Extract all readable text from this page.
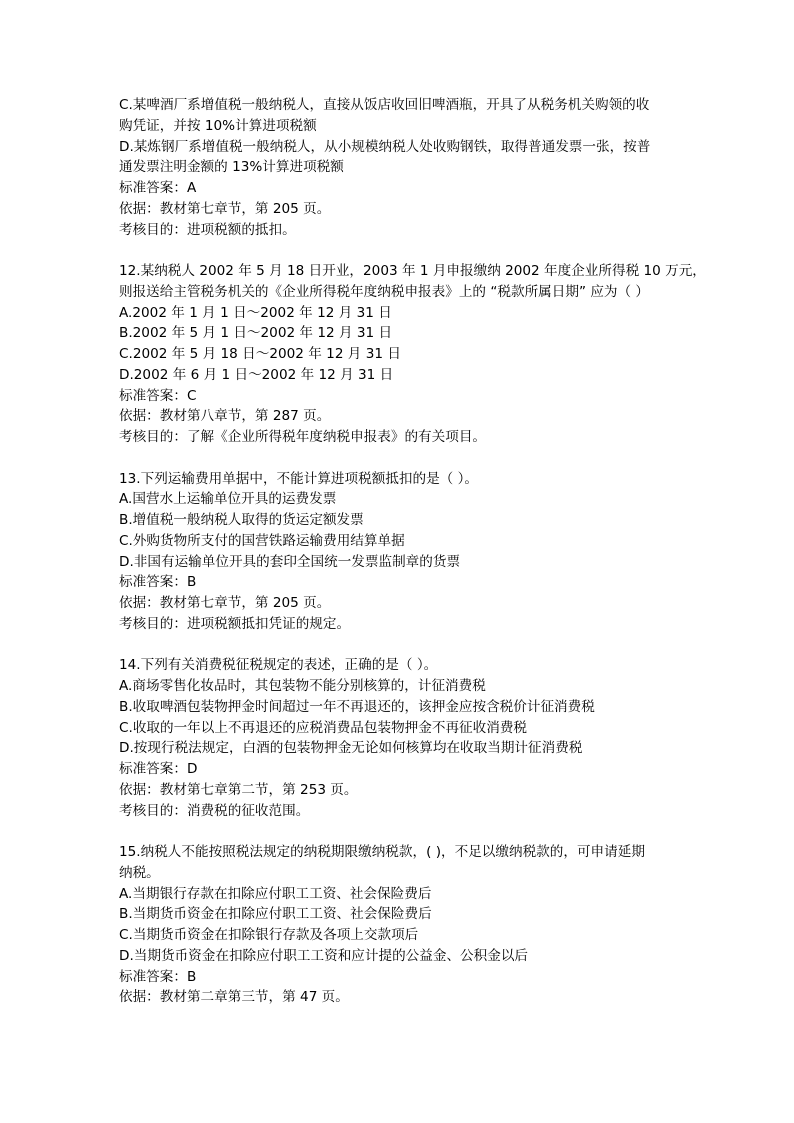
C.某啤酒厂系增值税一般纳税人，直接从饭店收回旧啤酒瓶，开具了从税务机关购领的收
购凭证，并按 10%计算进项税额
D.某炼钢厂系增值税一般纳税人，从小规模纳税人处收购钢铁，取得普通发票一张，按普
通发票注明金额的 13%计算进项税额
标准答案：A
依据：教材第七章节，第 205 页。
考核目的：进项税额的抵扣。
12.某纳税人 2002 年 5 月 18 日开业，2003 年 1 月申报缴纳 2002 年度企业所得税 10 万元，
则报送给主管税务机关的《企业所得税年度纳税申报表》上的 “税款所属日期” 应为（ ）
A.2002 年 1 月 1 日～2002 年 12 月 31 日
B.2002 年 5 月 1 日～2002 年 12 月 31 日
C.2002 年 5 月 18 日～2002 年 12 月 31 日
D.2002 年 6 月 1 日～2002 年 12 月 31 日
标准答案：C
依据：教材第八章节，第 287 页。
考核目的：了解《企业所得税年度纳税申报表》的有关项目。
13.下列运输费用单据中，不能计算进项税额抵扣的是（ ）。
A.国营水上运输单位开具的运费发票
B.增值税一般纳税人取得的货运定额发票
C.外购货物所支付的国营铁路运输费用结算单据
D.非国有运输单位开具的套印全国统一发票监制章的货票
标准答案：B
依据：教材第七章节，第 205 页。
考核目的：进项税额抵扣凭证的规定。
14.下列有关消费税征税规定的表述，正确的是（ ）。
A.商场零售化妆品时，其包装物不能分别核算的，计征消费税
B.收取啤酒包装物押金时间超过一年不再退还的，该押金应按含税价计征消费税
C.收取的一年以上不再退还的应税消费品包装物押金不再征收消费税
D.按现行税法规定，白酒的包装物押金无论如何核算均在收取当期计征消费税
标准答案：D
依据：教材第七章第二节，第 253 页。
考核目的：消费税的征收范围。
15.纳税人不能按照税法规定的纳税期限缴纳税款，( )，不足以缴纳税款的，可申请延期
纳税。
A.当期银行存款在扣除应付职工工资、社会保险费后
B.当期货币资金在扣除应付职工工资、社会保险费后
C.当期货币资金在扣除银行存款及各项上交款项后
D.当期货币资金在扣除应付职工工资和应计提的公益金、公积金以后
标准答案：B
依据：教材第二章第三节，第 47 页。
